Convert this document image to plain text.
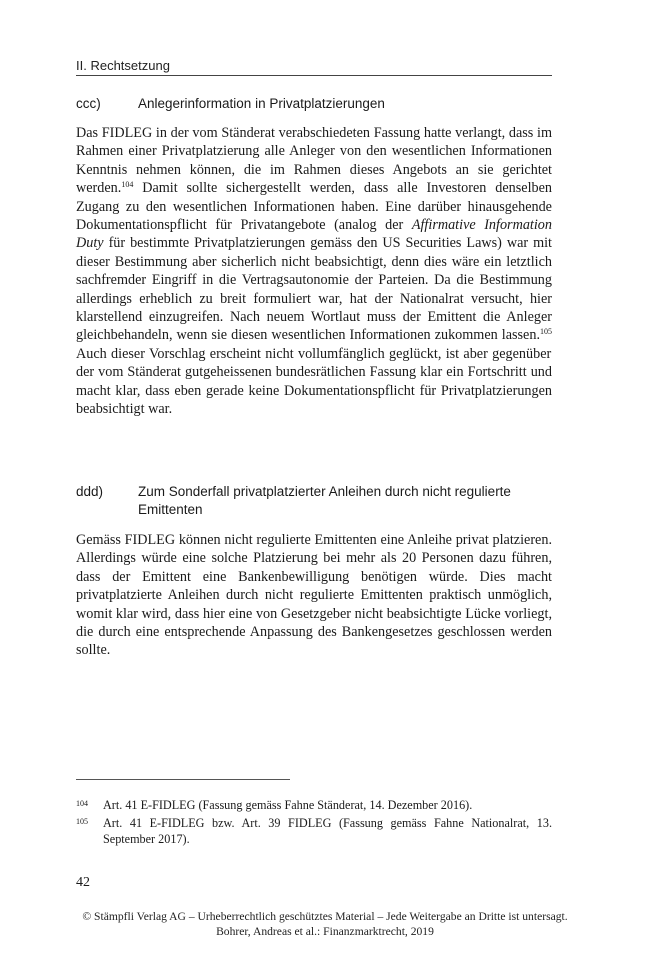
II. Rechtsetzung
ccc)	Anlegerinformation in Privatplatzierungen

Das FIDLEG in der vom Ständerat verabschiedeten Fassung hatte verlangt, dass im Rahmen einer Privatplatzierung alle Anleger von den wesentlichen Informationen Kenntnis nehmen können, die im Rahmen dieses Angebots an sie gerichtet werden.$^{104}$ Damit sollte sichergestellt werden, dass alle Investoren denselben Zugang zu den wesentlichen Informationen haben. Eine darüber hinausgehende Dokumentationspflicht für Privatangebote (analog der Affirmative Information Duty für bestimmte Privatplatzierungen gemäss den US Securities Laws) war mit dieser Bestimmung aber sicherlich nicht beabsichtigt, denn dies wäre ein letztlich sachfremder Eingriff in die Vertragsautonomie der Parteien. Da die Bestimmung allerdings erheblich zu breit formuliert war, hat der Nationalrat versucht, hier klarstellend einzugreifen. Nach neuem Wortlaut muss der Emittent die Anleger gleichbehandeln, wenn sie diesen wesentlichen Informationen zukommen lassen.$^{105}$ Auch dieser Vorschlag erscheint nicht vollumfänglich geglückt, ist aber gegenüber der vom Ständerat gutgeheissenen bundesrätlichen Fassung klar ein Fortschritt und macht klar, dass eben gerade keine Dokumentationspflicht für Privatplatzierungen beabsichtigt war.

ddd)	Zum Sonderfall privatplatzierter Anleihen durch nicht regulierte Emittenten

Gemäss FIDLEG können nicht regulierte Emittenten eine Anleihe privat platzieren. Allerdings würde eine solche Platzierung bei mehr als 20 Personen dazu führen, dass der Emittent eine Bankenbewilligung benötigen würde. Dies macht privatplatzierte Anleihen durch nicht regulierte Emittenten praktisch unmöglich, womit klar wird, dass hier eine von Gesetzgeber nicht beabsichtigte Lücke vorliegt, die durch eine entsprechende Anpassung des Bankengesetzes geschlossen werden sollte.

104	Art. 41 E-FIDLEG (Fassung gemäss Fahne Ständerat, 14. Dezember 2016).
105	Art. 41 E-FIDLEG bzw. Art. 39 FIDLEG (Fassung gemäss Fahne Nationalrat, 13. September 2017).
42
© Stämpfli Verlag AG – Urheberrechtlich geschütztes Material – Jede Weitergabe an Dritte ist untersagt.
Bohrer, Andreas et al.: Finanzmarktrecht, 2019
